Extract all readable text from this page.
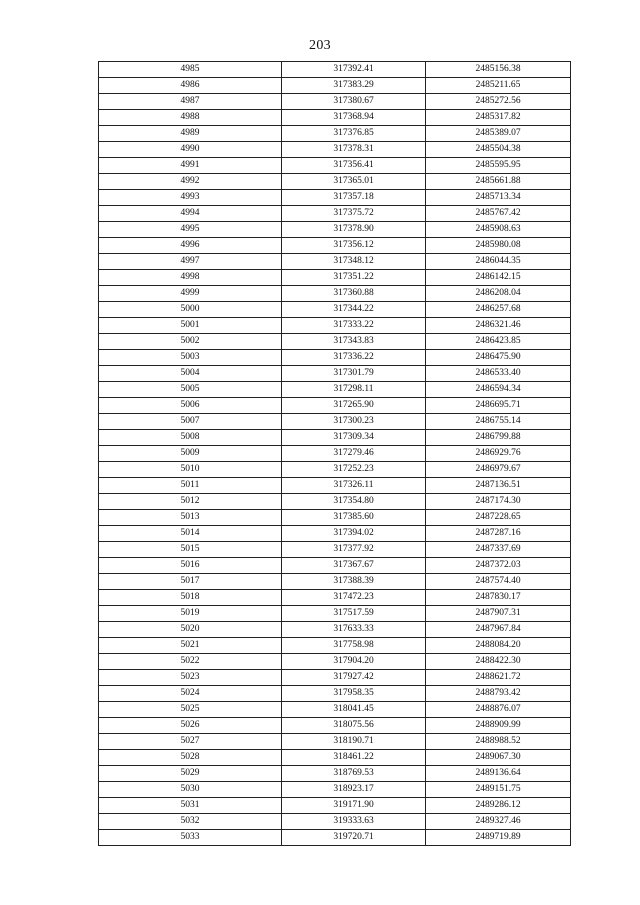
203
4985	317392.41	2485156.38
4986	317383.29	2485211.65
4987	317380.67	2485272.56
4988	317368.94	2485317.82
4989	317376.85	2485389.07
4990	317378.31	2485504.38
4991	317356.41	2485595.95
4992	317365.01	2485661.88
4993	317357.18	2485713.34
4994	317375.72	2485767.42
4995	317378.90	2485908.63
4996	317356.12	2485980.08
4997	317348.12	2486044.35
4998	317351.22	2486142.15
4999	317360.88	2486208.04
5000	317344.22	2486257.68
5001	317333.22	2486321.46
5002	317343.83	2486423.85
5003	317336.22	2486475.90
5004	317301.79	2486533.40
5005	317298.11	2486594.34
5006	317265.90	2486695.71
5007	317300.23	2486755.14
5008	317309.34	2486799.88
5009	317279.46	2486929.76
5010	317252.23	2486979.67
5011	317326.11	2487136.51
5012	317354.80	2487174.30
5013	317385.60	2487228.65
5014	317394.02	2487287.16
5015	317377.92	2487337.69
5016	317367.67	2487372.03
5017	317388.39	2487574.40
5018	317472.23	2487830.17
5019	317517.59	2487907.31
5020	317633.33	2487967.84
5021	317758.98	2488084.20
5022	317904.20	2488422.30
5023	317927.42	2488621.72
5024	317958.35	2488793.42
5025	318041.45	2488876.07
5026	318075.56	2488909.99
5027	318190.71	2488988.52
5028	318461.22	2489067.30
5029	318769.53	2489136.64
5030	318923.17	2489151.75
5031	319171.90	2489286.12
5032	319333.63	2489327.46
5033	319720.71	2489719.89
